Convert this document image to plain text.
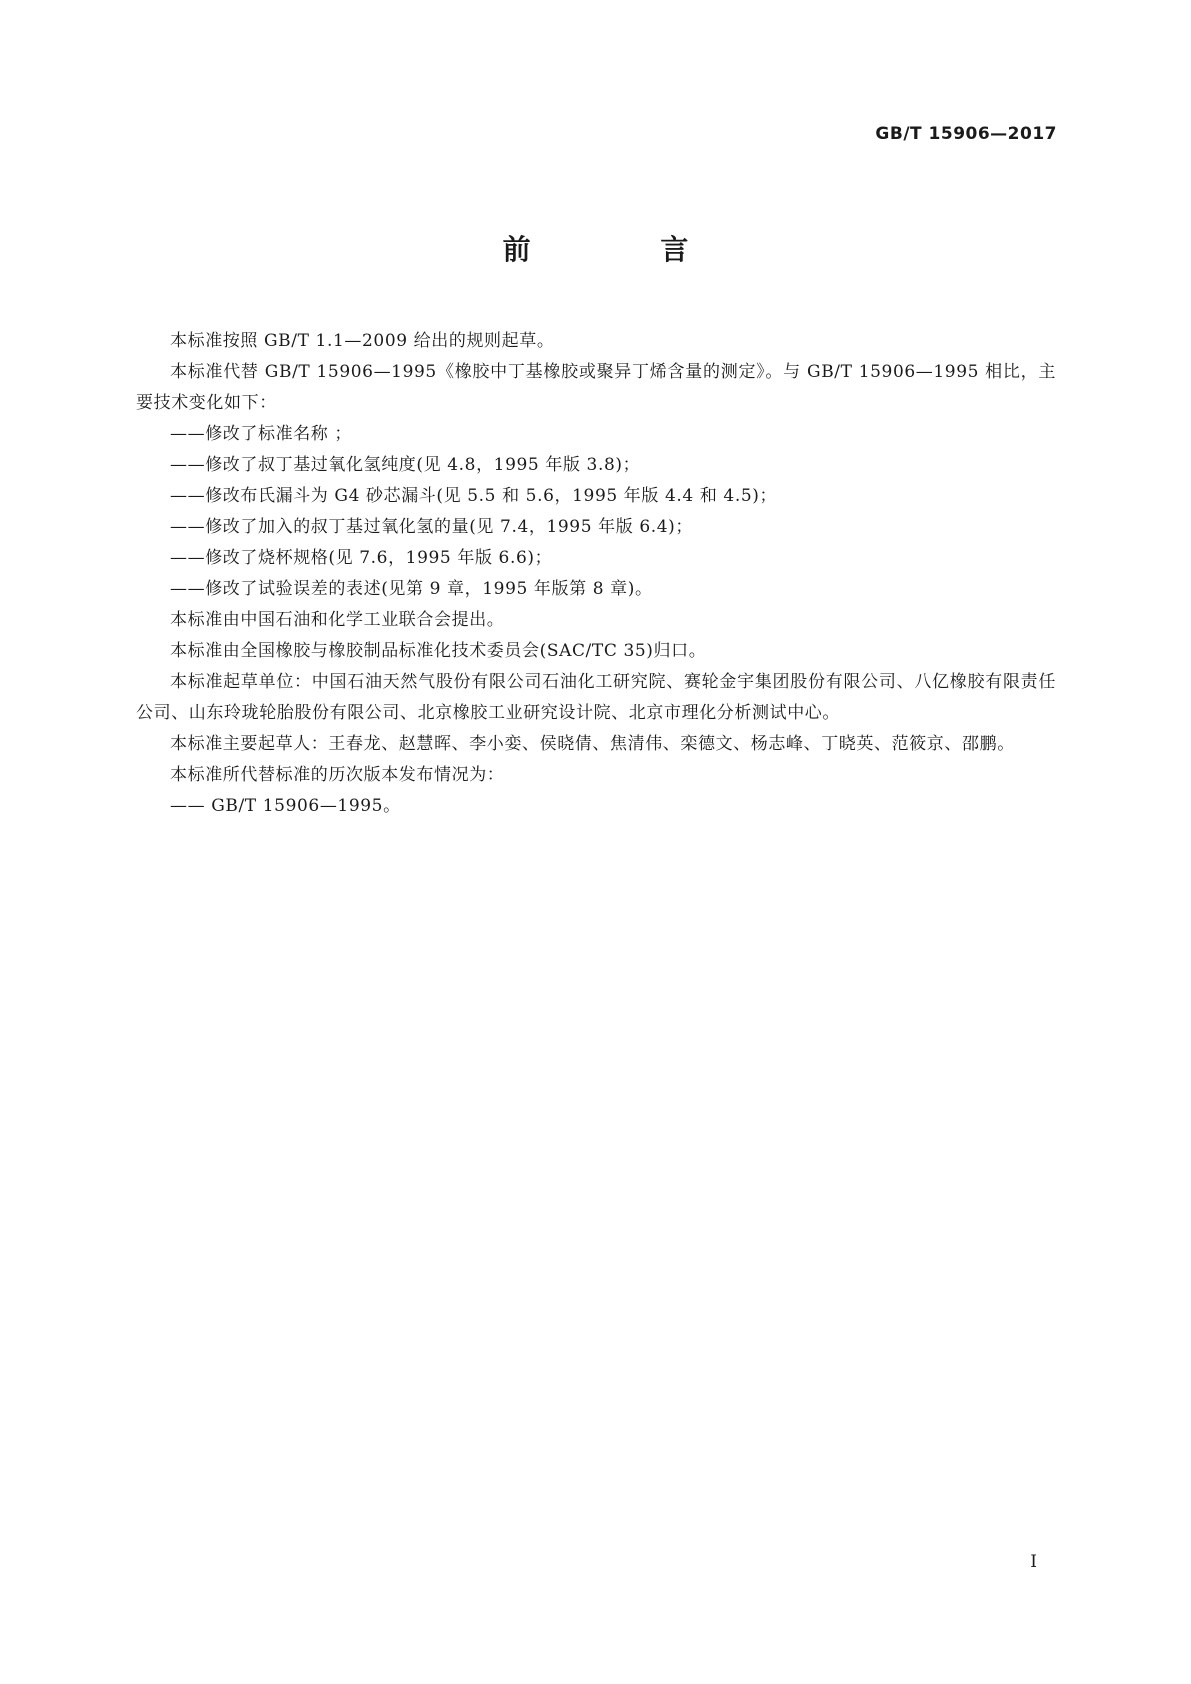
GB/T 15906—2017
前 言

本标准按照 GB/T 1.1—2009 给出的规则起草。

本标准代替 GB/T 15906—1995《橡胶中丁基橡胶或聚异丁烯含量的测定》。与 GB/T 15906—1995 相比，主要技术变化如下：

——修改了标准名称 ；

——修改了叔丁基过氧化氢纯度(见 4.8，1995 年版 3.8)；

——修改布氏漏斗为 G4 砂芯漏斗(见 5.5 和 5.6，1995 年版 4.4 和 4.5)；

——修改了加入的叔丁基过氧化氢的量(见 7.4，1995 年版 6.4)；

——修改了烧杯规格(见 7.6，1995 年版 6.6)；

——修改了试验误差的表述(见第 9 章，1995 年版第 8 章)。

本标准由中国石油和化学工业联合会提出。

本标准由全国橡胶与橡胶制品标准化技术委员会(SAC/TC 35)归口。

本标准起草单位：中国石油天然气股份有限公司石油化工研究院、赛轮金宇集团股份有限公司、八亿橡胶有限责任公司、山东玲珑轮胎股份有限公司、北京橡胶工业研究设计院、北京市理化分析测试中心。

本标准主要起草人：王春龙、赵慧晖、李小娈、侯晓倩、焦清伟、栾德文、杨志峰、丁晓英、范筱京、邵鹏。

本标准所代替标准的历次版本发布情况为：

—— GB/T 15906—1995。

I
